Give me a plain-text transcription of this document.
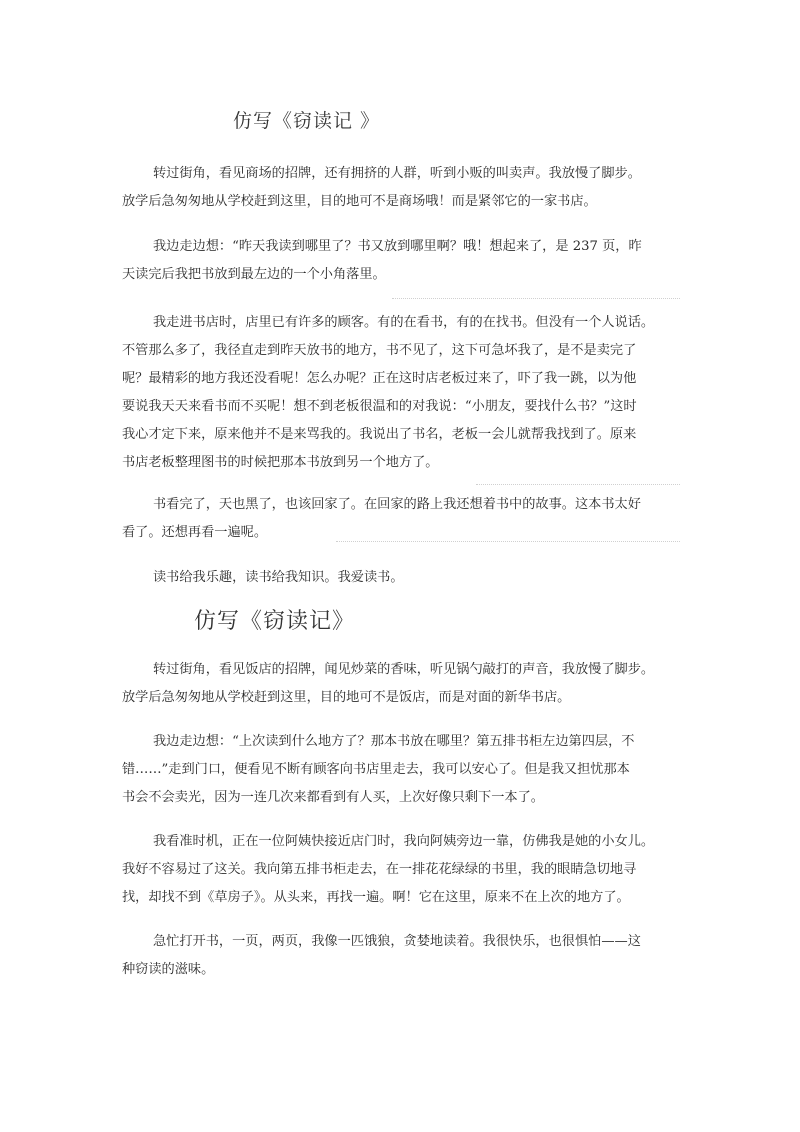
仿写《窃读记 》
转过街角，看见商场的招牌，还有拥挤的人群，听到小贩的叫卖声。我放慢了脚步。
放学后急匆匆地从学校赶到这里，目的地可不是商场哦！而是紧邻它的一家书店。
我边走边想：“昨天我读到哪里了？书又放到哪里啊？哦！想起来了，是 237 页，昨
天读完后我把书放到最左边的一个小角落里。
我走进书店时，店里已有许多的顾客。有的在看书，有的在找书。但没有一个人说话。
不管那么多了，我径直走到昨天放书的地方，书不见了，这下可急坏我了，是不是卖完了
呢？最精彩的地方我还没看呢！怎么办呢？正在这时店老板过来了，吓了我一跳，以为他
要说我天天来看书而不买呢！想不到老板很温和的对我说：“小朋友，要找什么书？”这时
我心才定下来，原来他并不是来骂我的。我说出了书名，老板一会儿就帮我找到了。原来
书店老板整理图书的时候把那本书放到另一个地方了。
书看完了，天也黑了，也该回家了。在回家的路上我还想着书中的故事。这本书太好
看了。还想再看一遍呢。
读书给我乐趣，读书给我知识。我爱读书。
仿写《窃读记》
转过街角，看见饭店的招牌，闻见炒菜的香味，听见锅勺敲打的声音，我放慢了脚步。
放学后急匆匆地从学校赶到这里，目的地可不是饭店，而是对面的新华书店。
我边走边想：“上次读到什么地方了？那本书放在哪里？第五排书柜左边第四层，不
错……”走到门口，便看见不断有顾客向书店里走去，我可以安心了。但是我又担忧那本
书会不会卖光，因为一连几次来都看到有人买，上次好像只剩下一本了。
我看准时机，正在一位阿姨快接近店门时，我向阿姨旁边一靠，仿佛我是她的小女儿。
我好不容易过了这关。我向第五排书柜走去，在一排花花绿绿的书里，我的眼睛急切地寻
找，却找不到《草房子》。从头来，再找一遍。啊！它在这里，原来不在上次的地方了。
急忙打开书，一页，两页，我像一匹饿狼，贪婪地读着。我很快乐，也很惧怕——这
种窃读的滋味。
